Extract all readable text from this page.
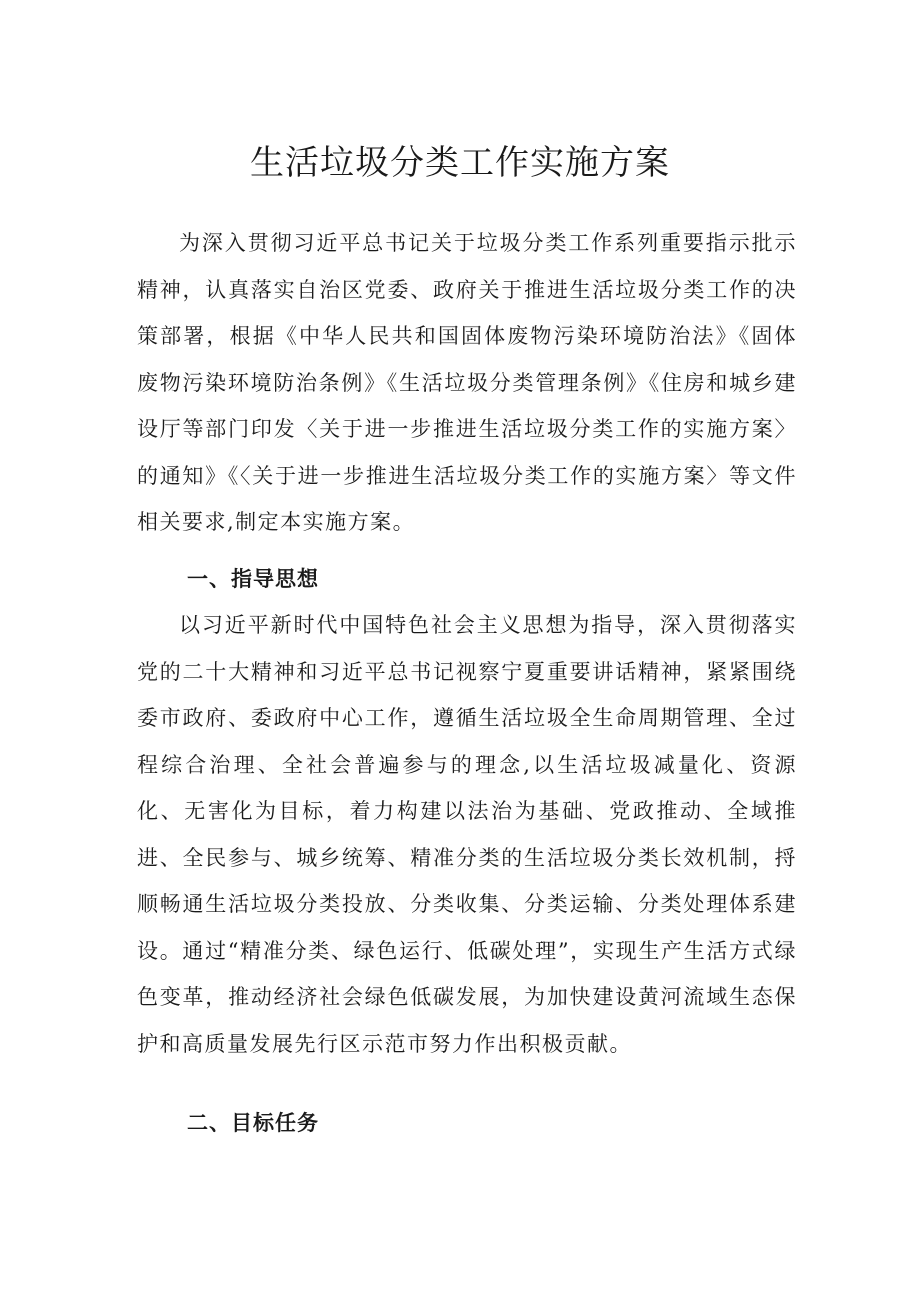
生活垃圾分类工作实施方案

为深入贯彻习近平总书记关于垃圾分类工作系列重要指示批示精神，认真落实自治区党委、政府关于推进生活垃圾分类工作的决策部署，根据《中华人民共和国固体废物污染环境防治法》《固体废物污染环境防治条例》《生活垃圾分类管理条例》《住房和城乡建设厅等部门印发〈关于进一步推进生活垃圾分类工作的实施方案〉的通知》《〈关于进一步推进生活垃圾分类工作的实施方案〉等文件相关要求,制定本实施方案。

一、指导思想

以习近平新时代中国特色社会主义思想为指导，深入贯彻落实党的二十大精神和习近平总书记视察宁夏重要讲话精神，紧紧围绕委市政府、委政府中心工作，遵循生活垃圾全生命周期管理、全过程综合治理、全社会普遍参与的理念,以生活垃圾减量化、资源化、无害化为目标，着力构建以法治为基础、党政推动、全域推进、全民参与、城乡统筹、精准分类的生活垃圾分类长效机制，捋顺畅通生活垃圾分类投放、分类收集、分类运输、分类处理体系建设。通过“精准分类、绿色运行、低碳处理”，实现生产生活方式绿色变革，推动经济社会绿色低碳发展，为加快建设黄河流域生态保护和高质量发展先行区示范市努力作出积极贡献。

二、目标任务
